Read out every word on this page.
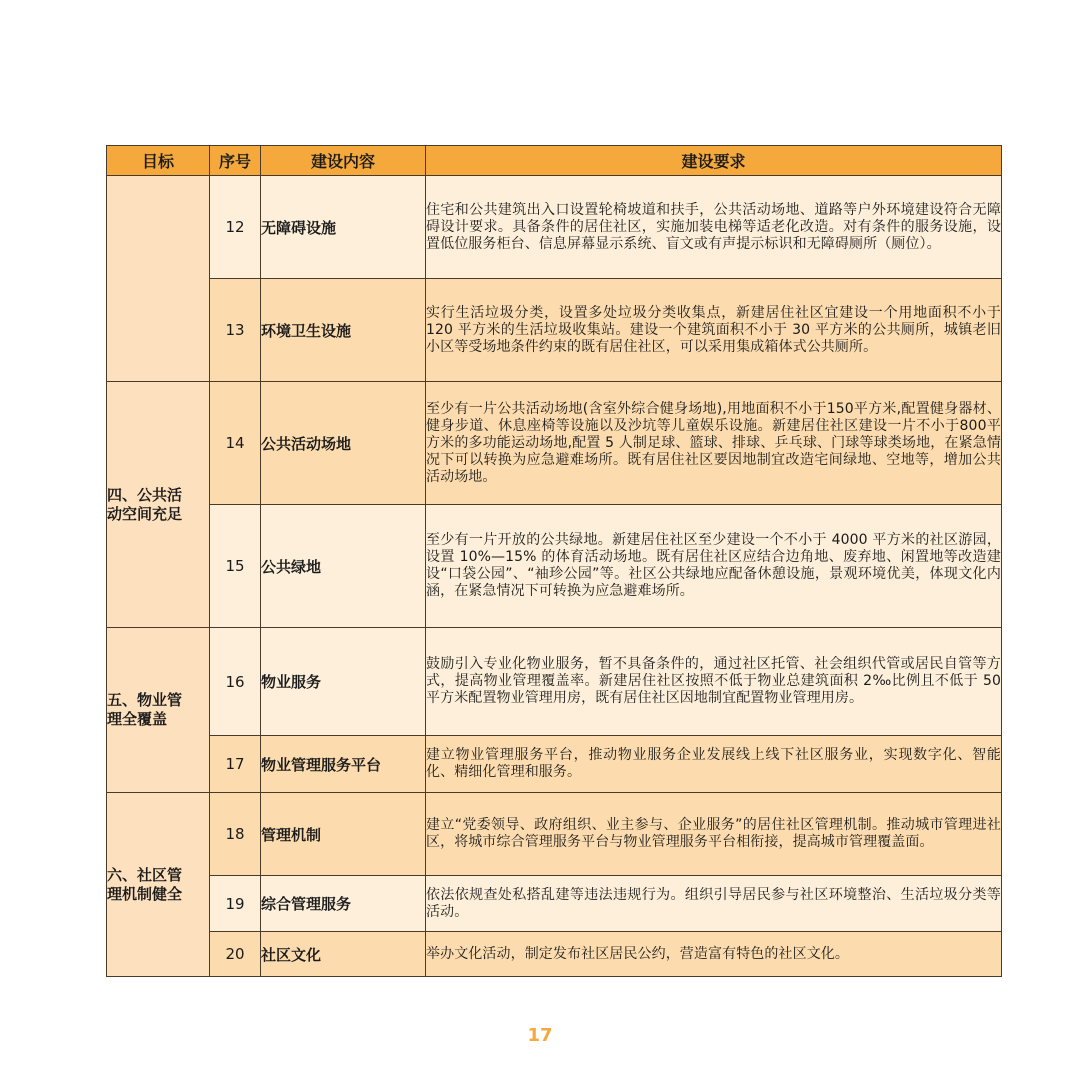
目标	序号	建设内容	建设要求
	12	无障碍设施	住宅和公共建筑出入口设置轮椅坡道和扶手，公共活动场地、道路等户外环境建设符合无障碍设计要求。具备条件的居住社区，实施加装电梯等适老化改造。对有条件的服务设施，设置低位服务柜台、信息屏幕显示系统、盲文或有声提示标识和无障碍厕所（厕位）。
	13	环境卫生设施	实行生活垃圾分类，设置多处垃圾分类收集点，新建居住社区宜建设一个用地面积不小于 120 平方米的生活垃圾收集站。建设一个建筑面积不小于 30 平方米的公共厕所，城镇老旧小区等受场地条件约束的既有居住社区，可以采用集成箱体式公共厕所。

四、公共活动空间充足	14	公共活动场地	至少有一片公共活动场地(含室外综合健身场地),用地面积不小于150平方米,配置健身器材、健身步道、休息座椅等设施以及沙坑等儿童娱乐设施。新建居住社区建设一片不小于800平方米的多功能运动场地,配置 5 人制足球、篮球、排球、乒乓球、门球等球类场地，在紧急情况下可以转换为应急避难场所。既有居住社区要因地制宜改造宅间绿地、空地等，增加公共活动场地。
	15	公共绿地	至少有一片开放的公共绿地。新建居住社区至少建设一个不小于 4000 平方米的社区游园，设置 10%—15% 的体育活动场地。既有居住社区应结合边角地、废弃地、闲置地等改造建设“口袋公园”、“袖珍公园”等。社区公共绿地应配备休憩设施，景观环境优美，体现文化内涵，在紧急情况下可转换为应急避难场所。

五、物业管理全覆盖	16	物业服务	鼓励引入专业化物业服务，暂不具备条件的，通过社区托管、社会组织代管或居民自管等方式，提高物业管理覆盖率。新建居住社区按照不低于物业总建筑面积 2‰比例且不低于 50 平方米配置物业管理用房，既有居住社区因地制宜配置物业管理用房。
	17	物业管理服务平台	建立物业管理服务平台，推动物业服务企业发展线上线下社区服务业，实现数字化、智能化、精细化管理和服务。

六、社区管理机制健全	18	管理机制	建立“党委领导、政府组织、业主参与、企业服务”的居住社区管理机制。推动城市管理进社区，将城市综合管理服务平台与物业管理服务平台相衔接，提高城市管理覆盖面。
	19	综合管理服务	依法依规查处私搭乱建等违法违规行为。组织引导居民参与社区环境整治、生活垃圾分类等活动。
	20	社区文化	举办文化活动，制定发布社区居民公约，营造富有特色的社区文化。
17
